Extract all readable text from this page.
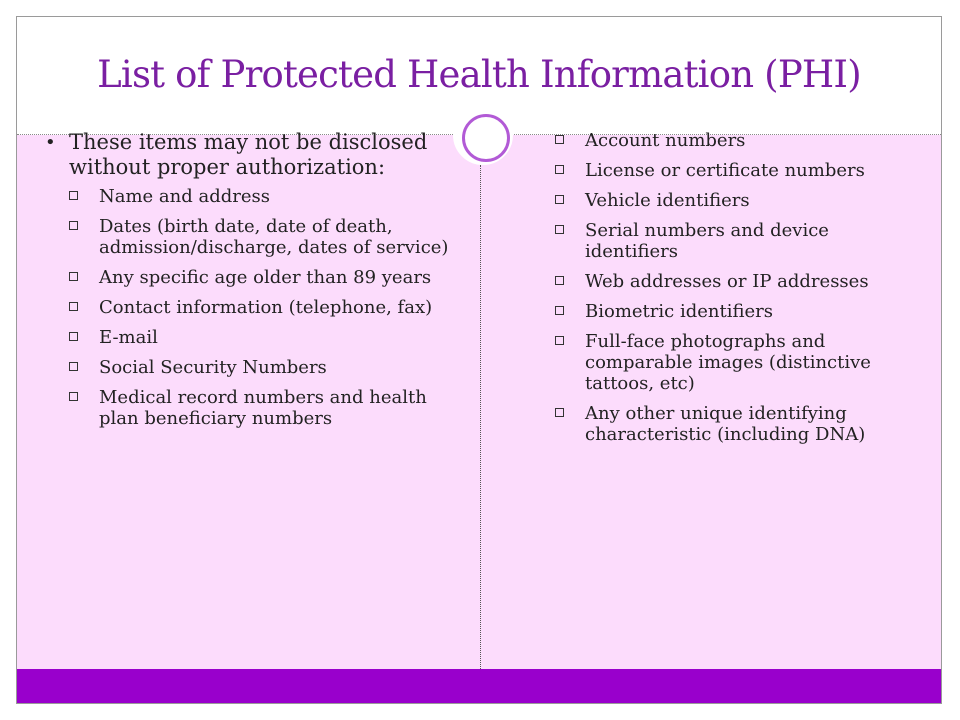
List of Protected Health Information (PHI)
• These items may not be disclosed without proper authorization:
Name and address
Dates (birth date, date of death, admission/discharge, dates of service)
Any specific age older than 89 years
Contact information (telephone, fax)
E-mail
Social Security Numbers
Medical record numbers and health plan beneficiary numbers
Account numbers
License or certificate numbers
Vehicle identifiers
Serial numbers and device identifiers
Web addresses or IP addresses
Biometric identifiers
Full-face photographs and comparable images (distinctive tattoos, etc)
Any other unique identifying characteristic (including DNA)
